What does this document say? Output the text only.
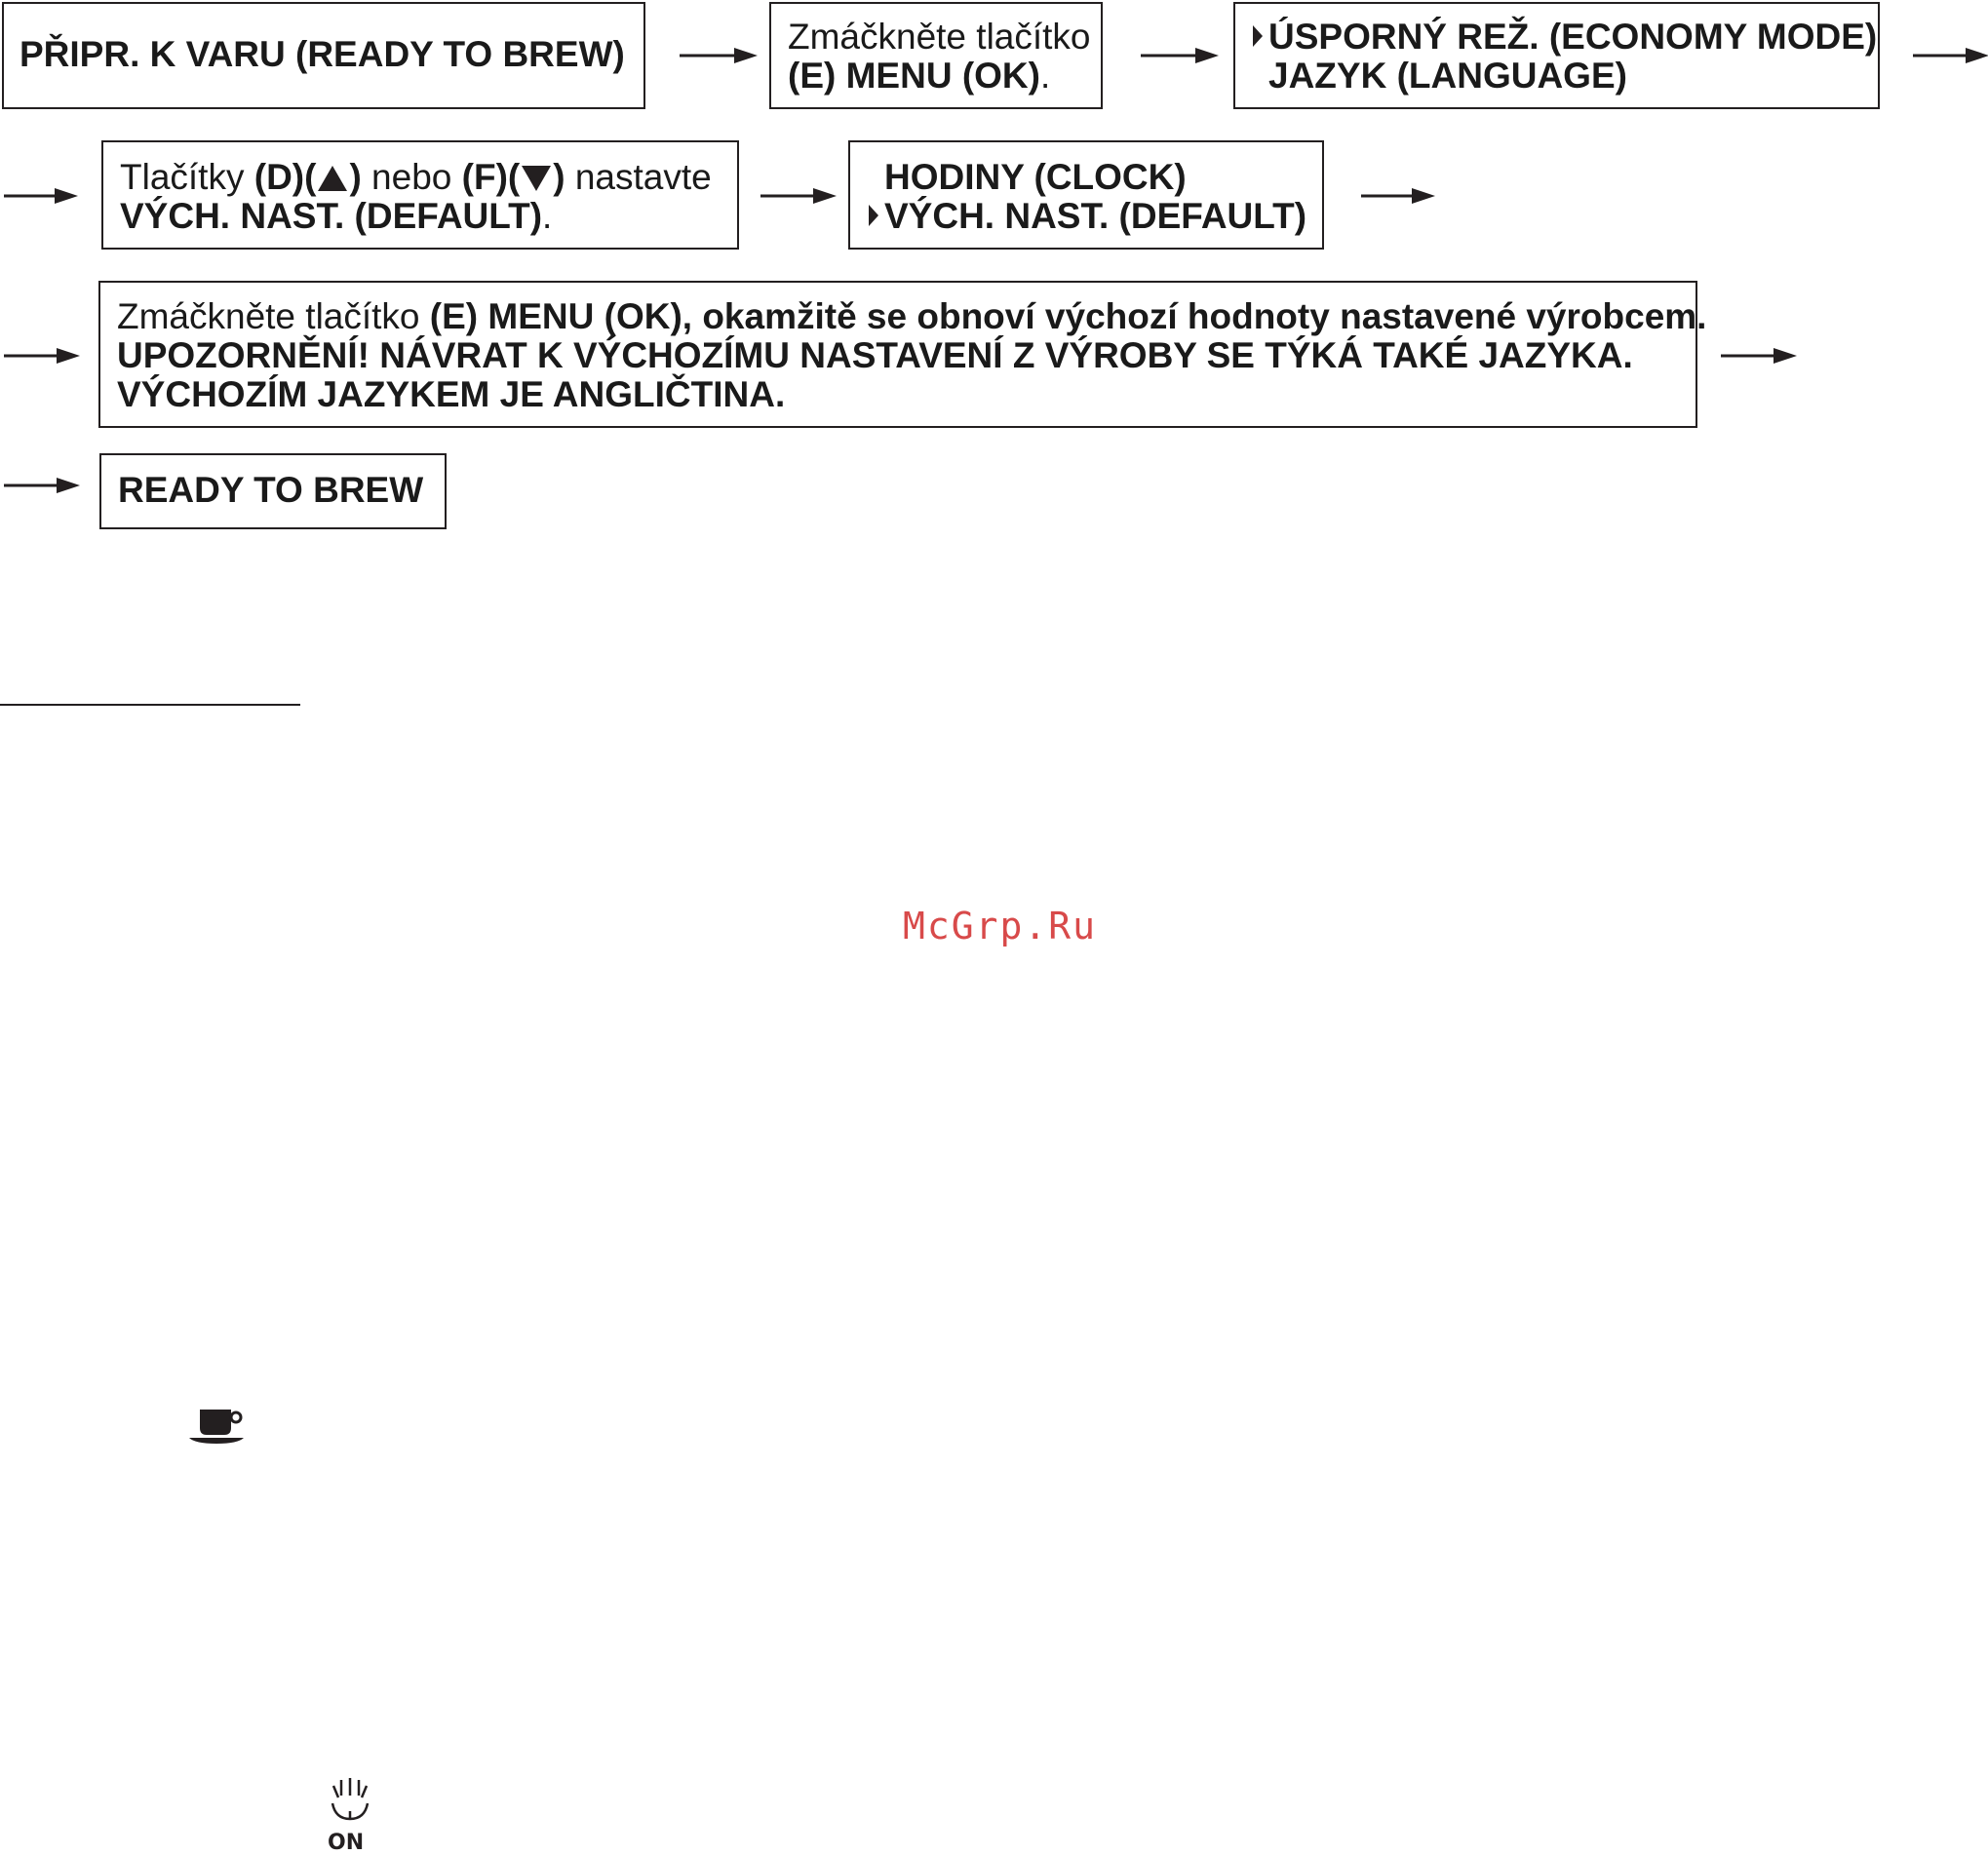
PŘIPR. K VARU (READY TO BREW)	Zmáčkněte tlačítko
(E) MENU (OK).
ÚSPORNÝ REŽ. (ECONOMY MODE)
JAZYK (LANGUAGE)
Tlačítky (D)( ) nebo (F)( ) nastavte
VÝCH. NAST. (DEFAULT).
HODINY (CLOCK)
VÝCH. NAST. (DEFAULT)
Zmáčkněte tlačítko (E) MENU (OK), okamžitě se obnoví výchozí hodnoty nastavené výrobcem.
UPOZORNĚNÍ! NÁVRAT K VÝCHOZÍMU NASTAVENÍ Z VÝROBY SE TÝKÁ TAKÉ JAZYKA.
VÝCHOZÍM JAZYKEM JE ANGLIČTINA.
READY TO BREW
McGrp.Ru
ON
